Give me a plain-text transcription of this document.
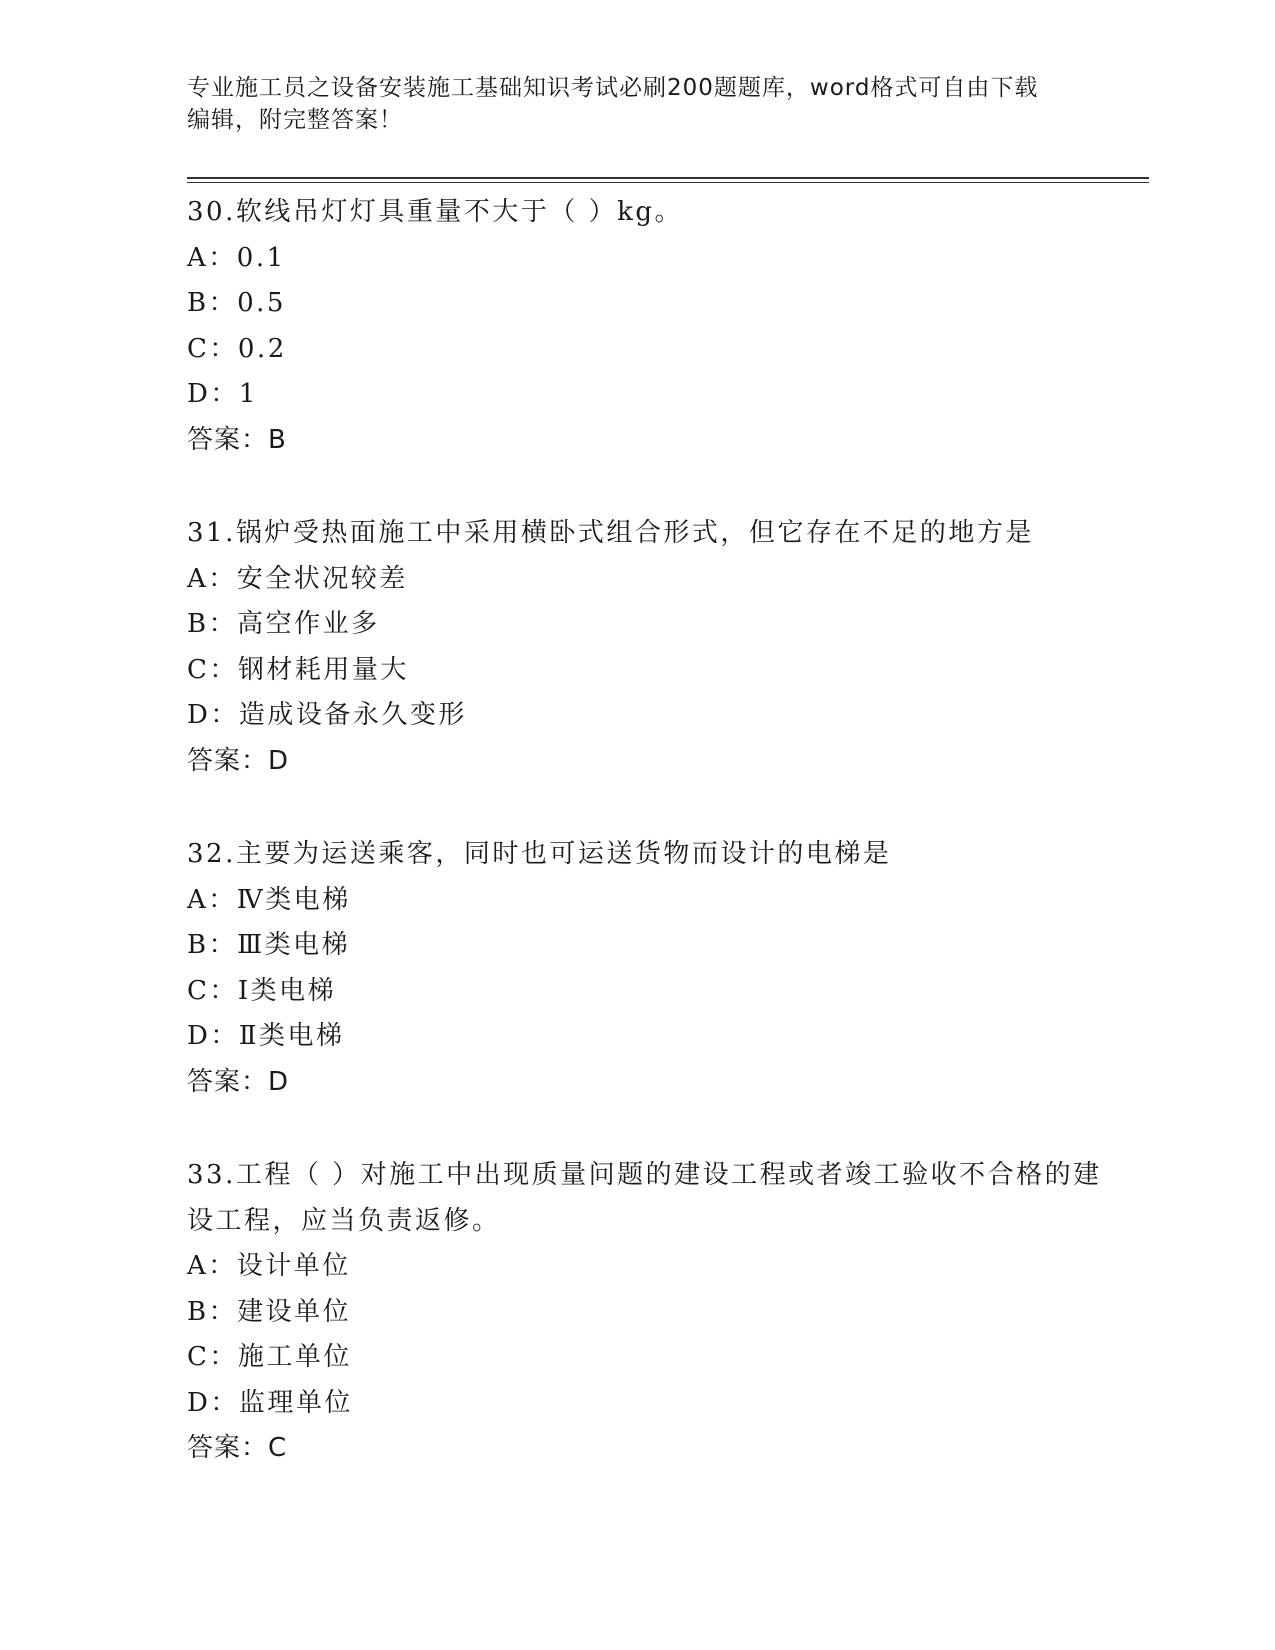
专业施工员之设备安装施工基础知识考试必刷200题题库，word格式可自由下载
编辑，附完整答案！
30.软线吊灯灯具重量不大于（ ）kg。
A：0.1
B：0.5
C：0.2
D：1
答案：B
31.锅炉受热面施工中采用横卧式组合形式，但它存在不足的地方是
A：安全状况较差
B：高空作业多
C：钢材耗用量大
D：造成设备永久变形
答案：D
32.主要为运送乘客，同时也可运送货物而设计的电梯是
A：Ⅳ类电梯
B：Ⅲ类电梯
C：Ⅰ类电梯
D：Ⅱ类电梯
答案：D
33.工程（ ）对施工中出现质量问题的建设工程或者竣工验收不合格的建设工程，应当负责返修。
A：设计单位
B：建设单位
C：施工单位
D：监理单位
答案：C
